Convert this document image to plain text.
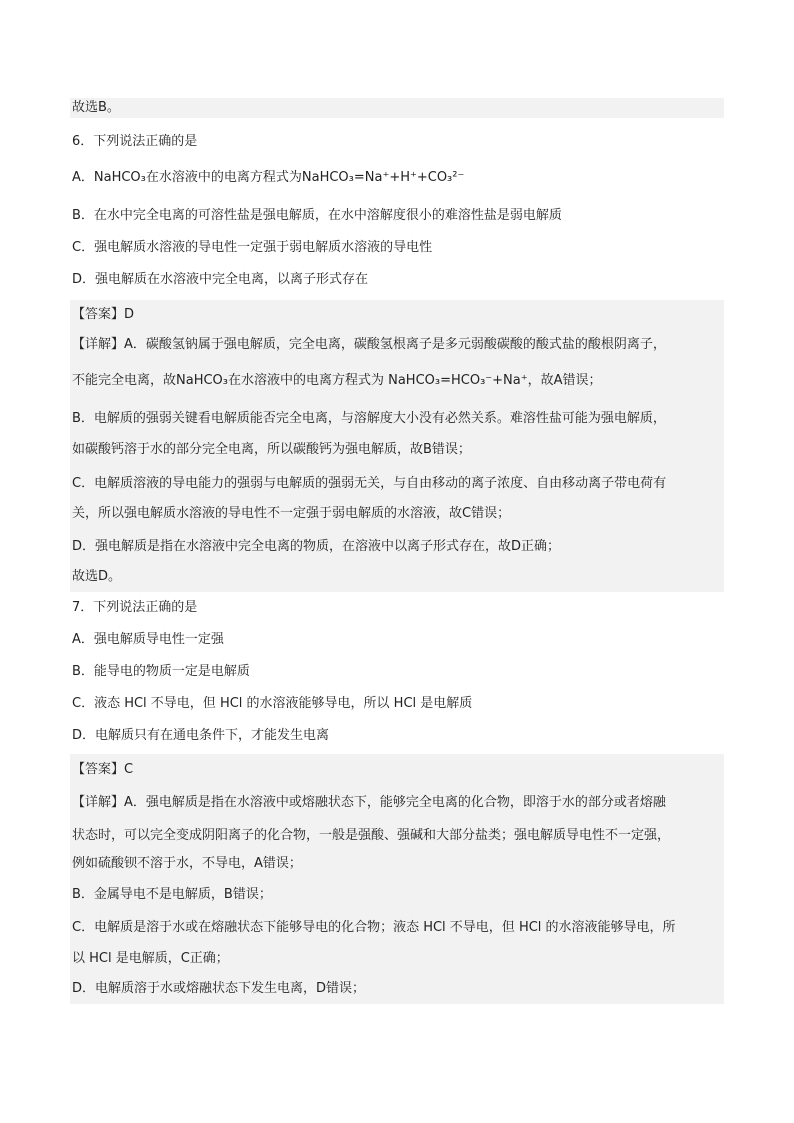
故选B。
6．下列说法正确的是
A．NaHCO₃在水溶液中的电离方程式为NaHCO₃=Na⁺+H⁺+CO₃²⁻
B．在水中完全电离的可溶性盐是强电解质，在水中溶解度很小的难溶性盐是弱电解质
C．强电解质水溶液的导电性一定强于弱电解质水溶液的导电性
D．强电解质在水溶液中完全电离，以离子形式存在
【答案】D
【详解】A．碳酸氢钠属于强电解质，完全电离，碳酸氢根离子是多元弱酸碳酸的酸式盐的酸根阴离子，
不能完全电离，故NaHCO₃在水溶液中的电离方程式为 NaHCO₃=HCO₃⁻+Na⁺，故A错误；
B．电解质的强弱关键看电解质能否完全电离，与溶解度大小没有必然关系。难溶性盐可能为强电解质，
如碳酸钙溶于水的部分完全电离，所以碳酸钙为强电解质，故B错误；
C．电解质溶液的导电能力的强弱与电解质的强弱无关，与自由移动的离子浓度、自由移动离子带电荷有
关，所以强电解质水溶液的导电性不一定强于弱电解质的水溶液，故C错误；
D．强电解质是指在水溶液中完全电离的物质，在溶液中以离子形式存在，故D正确；
故选D。
7．下列说法正确的是
A．强电解质导电性一定强
B．能导电的物质一定是电解质
C．液态 HCl 不导电，但 HCl 的水溶液能够导电，所以 HCl 是电解质
D．电解质只有在通电条件下，才能发生电离
【答案】C
【详解】A．强电解质是指在水溶液中或熔融状态下，能够完全电离的化合物，即溶于水的部分或者熔融
状态时，可以完全变成阴阳离子的化合物，一般是强酸、强碱和大部分盐类；强电解质导电性不一定强，
例如硫酸钡不溶于水，不导电，A错误；
B．金属导电不是电解质，B错误；
C．电解质是溶于水或在熔融状态下能够导电的化合物；液态 HCl 不导电，但 HCl 的水溶液能够导电，所
以 HCl 是电解质，C正确；
D．电解质溶于水或熔融状态下发生电离，D错误；
